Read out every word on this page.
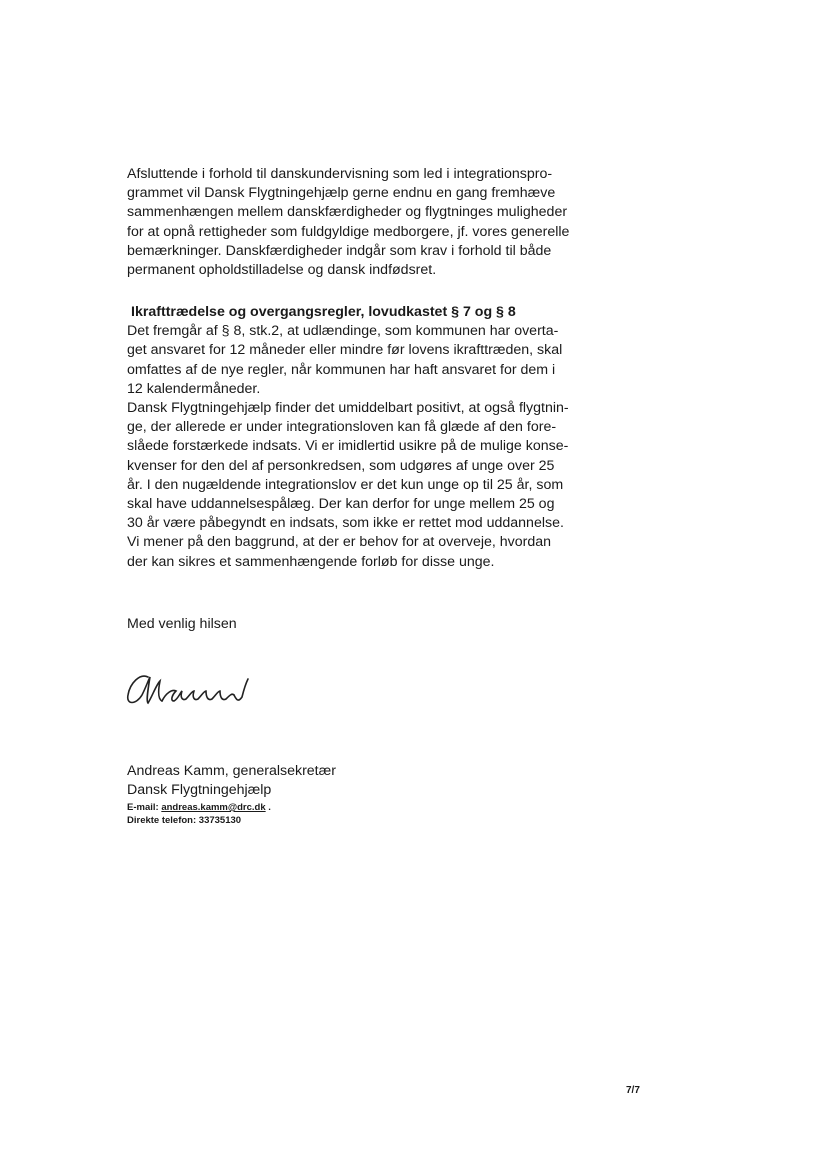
Afsluttende i forhold til danskundervisning som led i integrationspro-
grammet vil Dansk Flygtningehjælp gerne endnu en gang fremhæve
sammenhængen mellem danskfærdigheder og flygtninges muligheder
for at opnå rettigheder som fuldgyldige medborgere, jf. vores generelle
bemærkninger. Danskfærdigheder indgår som krav i forhold til både
permanent opholdstilladelse og dansk indfødsret.
Ikrafttrædelse og overgangsregler, lovudkastet § 7 og § 8
Det fremgår af § 8, stk.2, at udlændinge, som kommunen har overta-
get ansvaret for 12 måneder eller mindre før lovens ikrafttræden, skal
omfattes af de nye regler, når kommunen har haft ansvaret for dem i
12 kalendermåneder.
Dansk Flygtningehjælp finder det umiddelbart positivt, at også flygtnin-
ge, der allerede er under integrationsloven kan få glæde af den fore-
slåede forstærkede indsats. Vi er imidlertid usikre på de mulige konse-
kvenser for den del af personkredsen, som udgøres af unge over 25
år. I den nugældende integrationslov er det kun unge op til 25 år, som
skal have uddannelsespålæg. Der kan derfor for unge mellem 25 og
30 år være påbegyndt en indsats, som ikke er rettet mod uddannelse.
Vi mener på den baggrund, at der er behov for at overveje, hvordan
der kan sikres et sammenhængende forløb for disse unge.
Med venlig hilsen
Andreas Kamm, generalsekretær
Dansk Flygtningehjælp
E-mail: andreas.kamm@drc.dk .
Direkte telefon: 33735130
7/7
